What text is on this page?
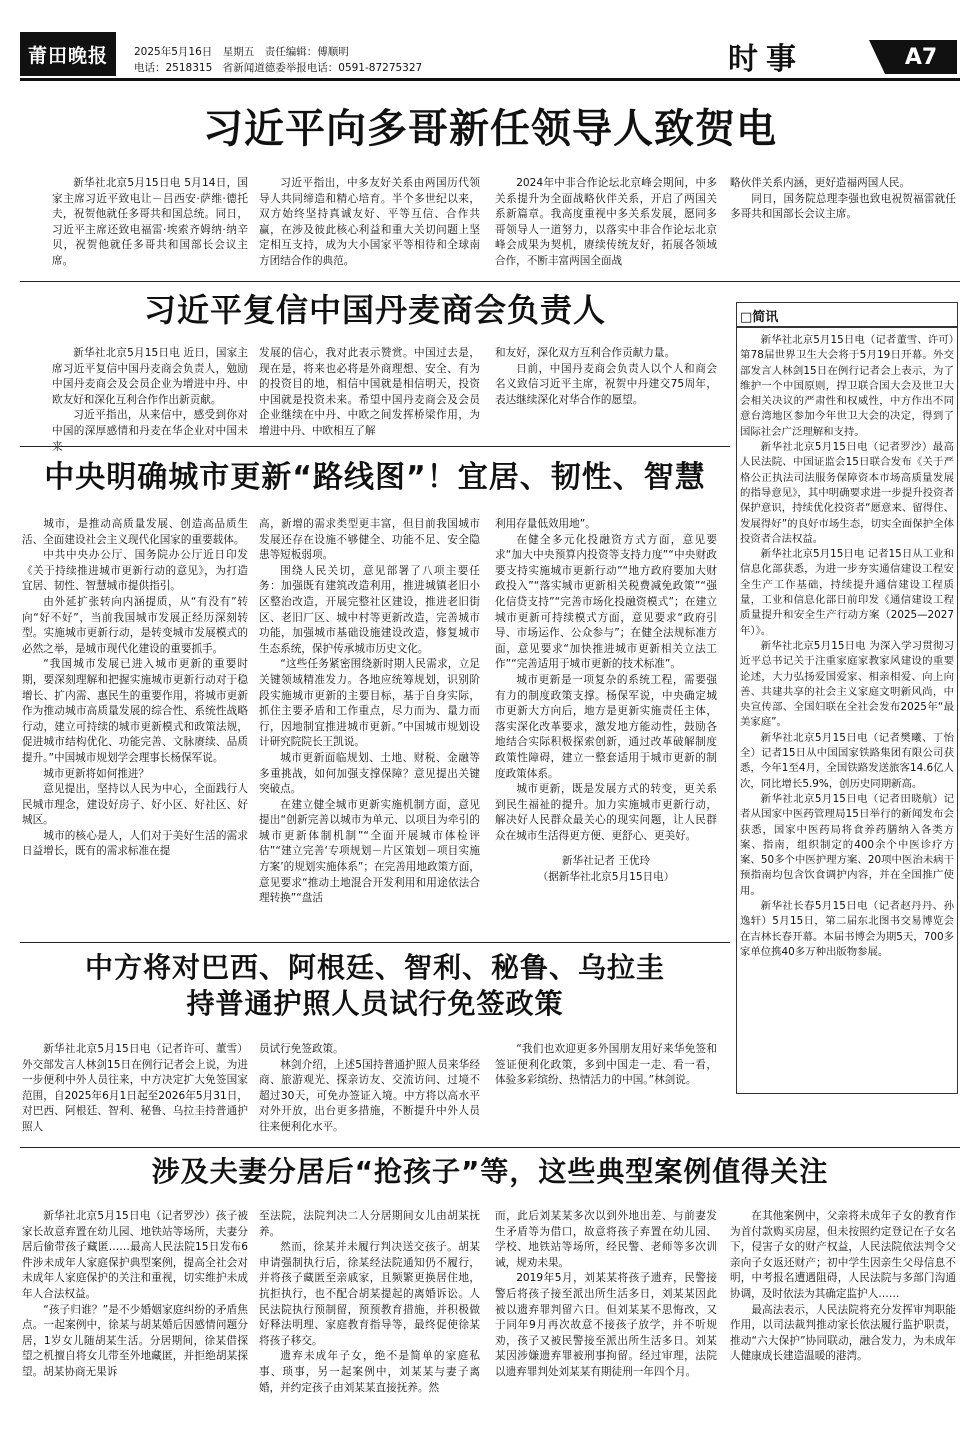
莆田晚报	2025年5月16日　星期五　责任编辑：傅顺明
电话：2518315　省新闻道德委举报电话：0591-87275327	时事	A7
习近平向多哥新任领导人致贺电

新华社北京5月15日电 5月14日，国家主席习近平致电让－吕西安·萨维·德托夫，祝贺他就任多哥共和国总统。同日，习近平主席还致电福雷·埃索齐姆纳·纳辛贝，祝贺他就任多哥共和国部长会议主席。

习近平指出，中多友好关系由两国历代领导人共同缔造和精心培育。半个多世纪以来，双方始终坚持真诚友好、平等互信、合作共赢，在涉及彼此核心利益和重大关切问题上坚定相互支持，成为大小国家平等相待和全球南方团结合作的典范。

2024年中非合作论坛北京峰会期间，中多关系提升为全面战略伙伴关系，开启了两国关系新篇章。我高度重视中多关系发展，愿同多哥领导人一道努力，以落实中非合作论坛北京峰会成果为契机，赓续传统友好，拓展各领域合作，不断丰富两国全面战

略伙伴关系内涵，更好造福两国人民。

同日，国务院总理李强也致电祝贺福雷就任多哥共和国部长会议主席。

习近平复信中国丹麦商会负责人

新华社北京5月15日电 近日，国家主席习近平复信中国丹麦商会负责人，勉励中国丹麦商会及会员企业为增进中丹、中欧友好和深化互利合作作出新贡献。

习近平指出，从来信中，感受到你对中国的深厚感情和丹麦在华企业对中国未

发展的信心，我对此表示赞赏。中国过去是，现在是，将来也必将是外商理想、安全、有为的投资目的地，相信中国就是相信明天，投资中国就是投资未来。希望中国丹麦商会及会员企业继续在中丹、中欧之间发挥桥梁作用，为增进中丹、中欧相互了解

和友好，深化双方互利合作贡献力量。

日前，中国丹麦商会负责人以个人和商会名义致信习近平主席，祝贺中丹建交75周年，表达继续深化对华合作的愿望。

中央明确城市更新“路线图”！宜居、韧性、智慧

城市，是推动高质量发展、创造高品质生活、全面建设社会主义现代化国家的重要载体。

中共中央办公厅、国务院办公厅近日印发《关于持续推进城市更新行动的意见》，为打造宜居、韧性、智慧城市提供指引。

由外延扩张转向内涵提质，从“有没有”转向“好不好”，当前我国城市发展正经历深刻转型。实施城市更新行动，是转变城市发展模式的必然之举，是城市现代化建设的重要抓手。

“我国城市发展已进入城市更新的重要时期，要深刻理解和把握实施城市更新行动对于稳增长、扩内需、惠民生的重要作用，将城市更新作为推动城市高质量发展的综合性、系统性战略行动，建立可持续的城市更新模式和政策法规，促进城市结构优化、功能完善、文脉赓续、品质提升。”中国城市规划学会理事长杨保军说。

城市更新将如何推进？

意见提出，坚持以人民为中心，全面践行人民城市理念，建设好房子、好小区、好社区、好城区。

城市的核心是人，人们对于美好生活的需求日益增长，既有的需求标准在提

高，新增的需求类型更丰富，但目前我国城市发展还存在设施不够健全、功能不足、安全隐患等短板弱项。

围绕人民关切，意见部署了八项主要任务：加强既有建筑改造利用，推进城镇老旧小区整治改造，开展完整社区建设，推进老旧街区、老旧厂区、城中村等更新改造，完善城市功能，加强城市基础设施建设改造，修复城市生态系统，保护传承城市历史文化。

“这些任务紧密围绕新时期人民需求，立足关键领域精准发力。各地应统筹规划，识别阶段实施城市更新的主要目标，基于自身实际，抓住主要矛盾和工作重点，尽力而为、量力而行，因地制宜推进城市更新。”中国城市规划设计研究院院长王凯说。

城市更新面临规划、土地、财税、金融等多重挑战，如何加强支撑保障？意见提出关键突破点。

在建立健全城市更新实施机制方面，意见提出“创新完善以城市为单元、以项目为牵引的城市更新体制机制”“全面开展城市体检评估”“建立完善‘专项规划－片区策划－项目实施方案’的规划实施体系”；在完善用地政策方面，意见要求“推动土地混合开发利用和用途依法合理转换”“盘活

利用存量低效用地”。

在健全多元化投融资方式方面，意见要求“加大中央预算内投资等支持力度”“中央财政要支持实施城市更新行动”“地方政府要加大财政投入”“落实城市更新相关税费减免政策”“强化信贷支持”“完善市场化投融资模式”；在建立城市更新可持续模式方面，意见要求“政府引导、市场运作、公众参与”；在健全法规标准方面，意见要求“加快推进城市更新相关立法工作”“完善适用于城市更新的技术标准”。

城市更新是一项复杂的系统工程，需要强有力的制度政策支撑。杨保军说，中央确定城市更新大方向后，地方是更新实施责任主体，落实深化改革要求，激发地方能动性，鼓励各地结合实际积极探索创新，通过改革破解制度政策性障碍，建立一整套适用于城市更新的制度政策体系。

城市更新，既是发展方式的转变，更关系到民生福祉的提升。加力实施城市更新行动，解决好人民群众最关心的现实问题，让人民群众在城市生活得更方便、更舒心、更美好。

新华社记者 王优玲

（据新华社北京5月15日电）

中方将对巴西、阿根廷、智利、秘鲁、乌拉圭
持普通护照人员试行免签政策

新华社北京5月15日电（记者许可、董雪）外交部发言人林剑15日在例行记者会上说，为进一步便利中外人员往来，中方决定扩大免签国家范围，自2025年6月1日起至2026年5月31日，对巴西、阿根廷、智利、秘鲁、乌拉圭持普通护照人

员试行免签政策。

林剑介绍，上述5国持普通护照人员来华经商、旅游观光、探亲访友、交流访问、过境不超过30天，可免办签证入境。中方将以高水平对外开放，出台更多措施，不断提升中外人员往来便利化水平。

“我们也欢迎更多外国朋友用好来华免签和签证便利化政策，多到中国走一走、看一看，体验多彩缤纷、热情活力的中国。”林剑说。

□简讯

新华社北京5月15日电（记者董雪、许可）第78届世界卫生大会将于5月19日开幕。外交部发言人林剑15日在例行记者会上表示，为了维护一个中国原则，捍卫联合国大会及世卫大会相关决议的严肃性和权威性，中方作出不同意台湾地区参加今年世卫大会的决定，得到了国际社会广泛理解和支持。

新华社北京5月15日电（记者罗沙）最高人民法院、中国证监会15日联合发布《关于严格公正执法司法服务保障资本市场高质量发展的指导意见》，其中明确要求进一步提升投资者保护意识，持续优化投资者“愿意来、留得住、发展得好”的良好市场生态，切实全面保护全体投资者合法权益。

新华社北京5月15日电 记者15日从工业和信息化部获悉，为进一步夯实通信建设工程安全生产工作基础，持续提升通信建设工程质量，工业和信息化部日前印发《通信建设工程质量提升和安全生产行动方案（2025—2027年）》。

新华社北京5月15日电 为深入学习贯彻习近平总书记关于注重家庭家教家风建设的重要论述，大力弘扬爱国爱家、相亲相爱、向上向善、共建共享的社会主义家庭文明新风尚，中央宣传部、全国妇联在全社会发布2025年“最美家庭”。

新华社北京5月15日电（记者樊曦、丁怡全）记者15日从中国国家铁路集团有限公司获悉，今年1至4月，全国铁路发送旅客14.6亿人次，同比增长5.9%，创历史同期新高。

新华社北京5月15日电（记者田晓航）记者从国家中医药管理局15日举行的新闻发布会获悉，国家中医药局将食养药膳纳入各类方案、指南，组织制定的400余个中医诊疗方案、50多个中医护理方案、20项中医治未病干预指南均包含饮食调护内容，并在全国推广使用。

新华社长春5月15日电（记者赵丹丹、孙逸轩）5月15日，第二届东北图书交易博览会在吉林长春开幕。本届书博会为期5天，700多家单位携40多万种出版物参展。

涉及夫妻分居后“抢孩子”等，这些典型案例值得关注

新华社北京5月15日电（记者罗沙）孩子被家长故意弃置在幼儿园、地铁站等场所，夫妻分居后偷带孩子藏匿……最高人民法院15日发布6件涉未成年人家庭保护典型案例，提高全社会对未成年人家庭保护的关注和重视，切实维护未成年人合法权益。

“孩子归谁？”是不少婚姻家庭纠纷的矛盾焦点。一起案例中，徐某与胡某婚后因感情问题分居，1岁女儿随胡某生活。分居期间，徐某借探望之机擅自将女儿带至外地藏匿，并拒绝胡某探望。胡某协商无果诉

至法院，法院判决二人分居期间女儿由胡某抚养。

然而，徐某并未履行判决送交孩子。胡某申请强制执行后，徐某经法院通知仍不履行，并将孩子藏匿至亲戚家，且频繁更换居住地，抗拒执行，也不配合胡某提起的离婚诉讼。人民法院执行预制留，预预教育措施，并积极做好释法明理、家庭教育指导等，最终促使徐某将孩子移交。

遗弃未成年子女，绝不是简单的家庭私事、琐事，另一起案例中，刘某某与妻子离婚，并约定孩子由刘某某直接抚养。然

而，此后刘某某多次以到外地出差、与前妻发生矛盾等为借口，故意将孩子弃置在幼儿园、学校、地铁站等场所，经民警、老师等多次训诫，规劝未果。

2019年5月，刘某某将孩子遗弃，民警接警后将孩子接至派出所生活多日，刘某某因此被以遗弃罪判留六日。但刘某某不思悔改，又于同年9月再次故意不接孩子放学，并不听规劝，孩子又被民警接至派出所生活多日。刘某某因涉嫌遗弃罪被刑事拘留。经过审理，法院以遗弃罪判处刘某某有期徒刑一年四个月。

在其他案例中，父亲将未成年子女的教育作为首付款购买房屋，但未按照约定登记在子女名下，侵害子女的财产权益，人民法院依法判令父亲向子女返还财产；初中学生因亲生父母信息不明，中考报名遭遇阻碍，人民法院与多部门沟通协调，及时依法为其确定监护人……

最高法表示，人民法院将充分发挥审判职能作用，以司法裁判推动家长依法履行监护职责，推动“六大保护”协同联动，融合发力，为未成年人健康成长建造温暖的港湾。
